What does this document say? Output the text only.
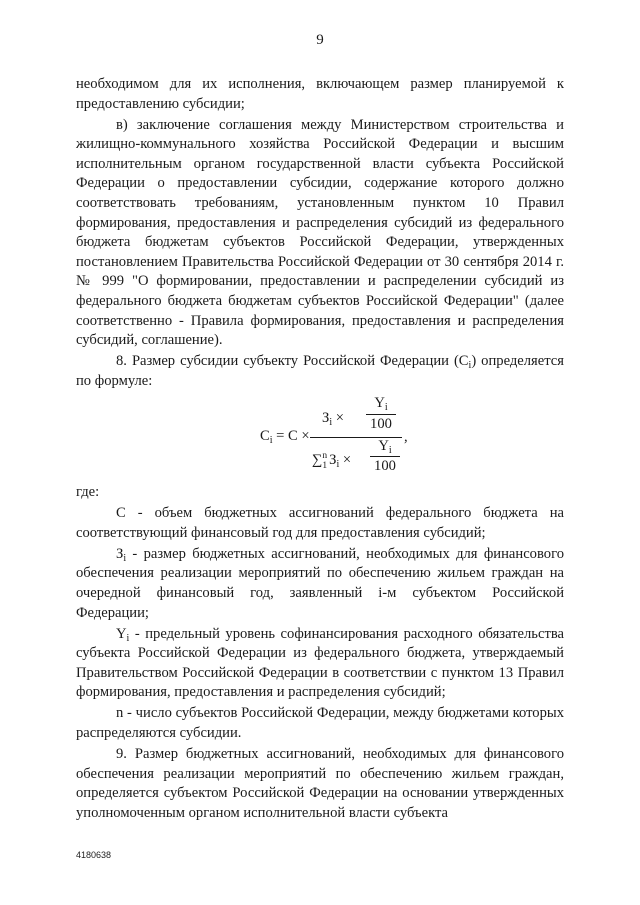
9

необходимом для их исполнения, включающем размер планируемой к предоставлению субсидии;

в) заключение соглашения между Министерством строительства и жилищно-коммунального хозяйства Российской Федерации и высшим исполнительным органом государственной власти субъекта Российской Федерации о предоставлении субсидии, содержание которого должно соответствовать требованиям, установленным пунктом 10 Правил формирования, предоставления и распределения субсидий из федерального бюджета бюджетам субъектов Российской Федерации, утвержденных постановлением Правительства Российской Федерации от 30 сентября 2014 г. № 999 "О формировании, предоставлении и распределении субсидий из федерального бюджета бюджетам субъектов Российской Федерации" (далее соответственно - Правила формирования, предоставления и распределения субсидий, соглашение).

8. Размер субсидии субъекту Российской Федерации $(C_i)$ определяется по формуле:

$C_i = C$ ×
$З_i$ ×
$Y_i$
100
∑ n
1 $З_i$ ×
$Y_i$
100
,

где:

С - объем бюджетных ассигнований федерального бюджета на соответствующий финансовый год для предоставления субсидий;

$З_i$ - размер бюджетных ассигнований, необходимых для финансового обеспечения реализации мероприятий по обеспечению жильем граждан на очередной финансовый год, заявленный i-м субъектом Российской Федерации;

$Y_i$ - предельный уровень софинансирования расходного обязательства субъекта Российской Федерации из федерального бюджета, утверждаемый Правительством Российской Федерации в соответствии с пунктом 13 Правил формирования, предоставления и распределения субсидий;

n - число субъектов Российской Федерации, между бюджетами которых распределяются субсидии.

9. Размер бюджетных ассигнований, необходимых для финансового обеспечения реализации мероприятий по обеспечению жильем граждан, определяется субъектом Российской Федерации на основании утвержденных уполномоченным органом исполнительной власти субъекта

4180638
